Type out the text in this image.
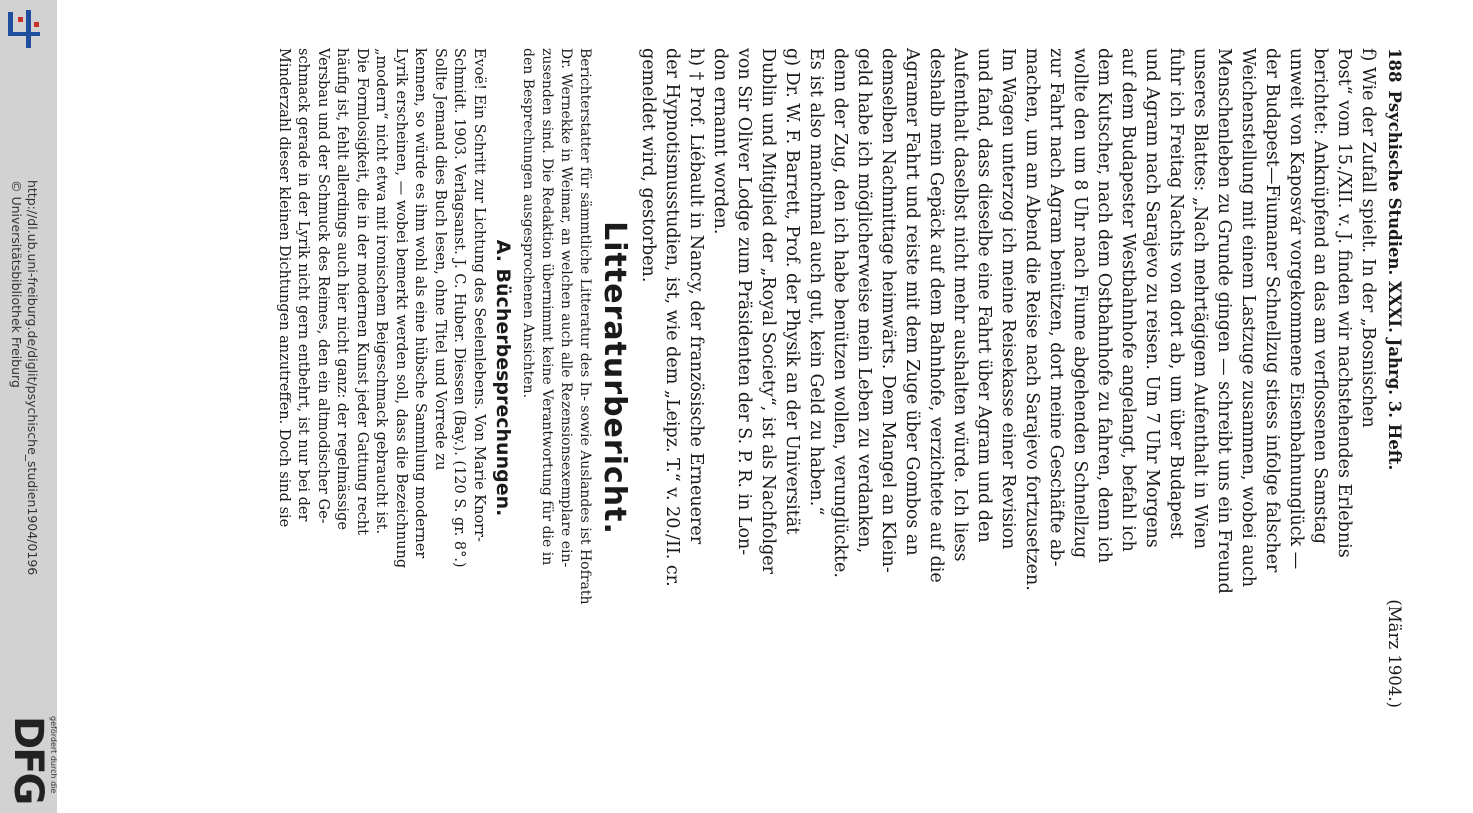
http://dl.ub.uni-freiburg.de/diglit/psychische_studien1904/0196
© Universitätsbibliothek Freiburg
DFG
gefördert durch die
188
Psychische Studien. XXXI. Jahrg. 3. Heft.
(März 1904.)

f) Wie der Zufall spielt. In der „Bosnischen
Post“ vom 15./XII. v. J. finden wir nachstehendes Erlebnis
berichtet: Anknüpfend an das am verflossenen Samstag
unweit von Kaposvár vorgekommene Eisenbahnunglück —
der Budapest—Fiumaner Schnellzug stiess infolge falscher
Weichenstellung mit einem Lastzuge zusammen, wobei auch
Menschenleben zu Grunde gingen — schreibt uns ein Freund
unseres Blattes: „Nach mehrtägigem Aufenthalt in Wien
fuhr ich Freitag Nachts von dort ab, um über Budapest
und Agram nach Sarajevo zu reisen. Um 7 Uhr Morgens
auf dem Budapester Westbahnhofe angelangt, befahl ich
dem Kutscher, nach dem Ostbahnhofe zu fahren, denn ich
wollte den um 8 Uhr nach Fiume abgehenden Schnellzug
zur Fahrt nach Agram benützen, dort meine Geschäfte ab-
machen, um am Abend die Reise nach Sarajevo fortzusetzen.
Im Wagen unterzog ich meine Reisekasse einer Revision
und fand, dass dieselbe eine Fahrt über Agram und den
Aufenthalt daselbst nicht mehr aushalten würde. Ich liess
deshalb mein Gepäck auf dem Bahnhofe, verzichtete auf die
Agramer Fahrt und reiste mit dem Zuge über Gombos an
demselben Nachmittage heimwärts. Dem Mangel an Klein-
geld habe ich möglicherweise mein Leben zu verdanken,
denn der Zug, den ich habe benützen wollen, verunglückte.
Es ist also manchmal auch gut, kein Geld zu haben.“

g) Dr. W. F. Barrett, Prof. der Physik an der Universität
Dublin und Mitglied der „Royal Society“, ist als Nachfolger
von Sir Oliver Lodge zum Präsidenten der S. P. R. in Lon-
don ernannt worden.

h) † Prof. Liébault in Nancy, der französische Erneuerer
der Hypnotismusstudien, ist, wie dem „Leipz. T.“ v. 20./II. cr.
gemeldet wird, gestorben.

Litteraturbericht.

Berichterstatter für sämmtliche Litteratur des In- sowie Auslandes ist Hofrath
Dr. Wernekke in Weimar, an welchen auch alle Rezensionsexemplare ein-
zusenden sind. Die Redaktion übernimmt keine Verantwortung für die in
den Besprechungen ausgesprochenen Ansichten.

A. Bücherbesprechungen.

Evoë! Ein Schritt zur Lichtung des Seelenlebens. Von Marie Knorr-
Schmidt. 1903. Verlagsanst. J. C. Huber. Diessen (Bay.). (120 S. gr. 8°.)
Sollte Jemand dies Buch lesen, ohne Titel und Vorrede zu
kennen, so würde es ihm wohl als eine hübsche Sammlung moderner
Lyrik erscheinen, — wobei bemerkt werden soll, dass die Bezeichnung
„modern“ nicht etwa mit ironischem Beigeschmack gebraucht ist.
Die Formlosigkeit, die in der modernen Kunst jeder Gattung recht
häufig ist, fehlt allerdings auch hier nicht ganz: der regelmässige
Versbau und der Schmuck des Reimes, den ein altmodischer Ge-
schmack gerade in der Lyrik nicht gern entbehrt, ist nur bei der
Minderzahl dieser kleinen Dichtungen anzutreffen. Doch sind sie
